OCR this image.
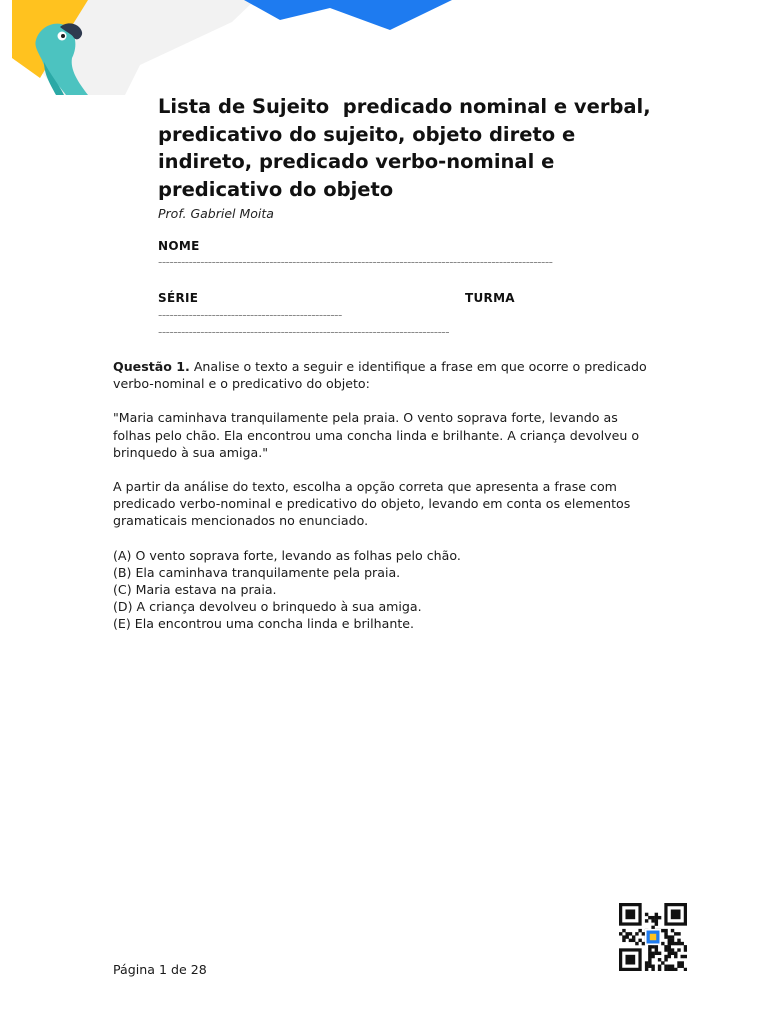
Lista de Sujeito  predicado nominal e verbal, predicativo do sujeito, objeto direto e indireto, predicado verbo-nominal e predicativo do objeto
Prof. Gabriel Moita
NOME
-------------------------------------------------------------------------------------------------------
SÉRIE	TURMA
------------------------------------------------
----------------------------------------------------------------------------

Questão 1. Analise o texto a seguir e identifique a frase em que ocorre o predicado verbo-nominal e o predicativo do objeto:

"Maria caminhava tranquilamente pela praia. O vento soprava forte, levando as folhas pelo chão. Ela encontrou uma concha linda e brilhante. A criança devolveu o brinquedo à sua amiga."

A partir da análise do texto, escolha a opção correta que apresenta a frase com predicado verbo-nominal e predicativo do objeto, levando em conta os elementos gramaticais mencionados no enunciado.

(A) O vento soprava forte, levando as folhas pelo chão.
(B) Ela caminhava tranquilamente pela praia.
(C) Maria estava na praia.
(D) A criança devolveu o brinquedo à sua amiga.
(E) Ela encontrou uma concha linda e brilhante.
Página 1 de 28
